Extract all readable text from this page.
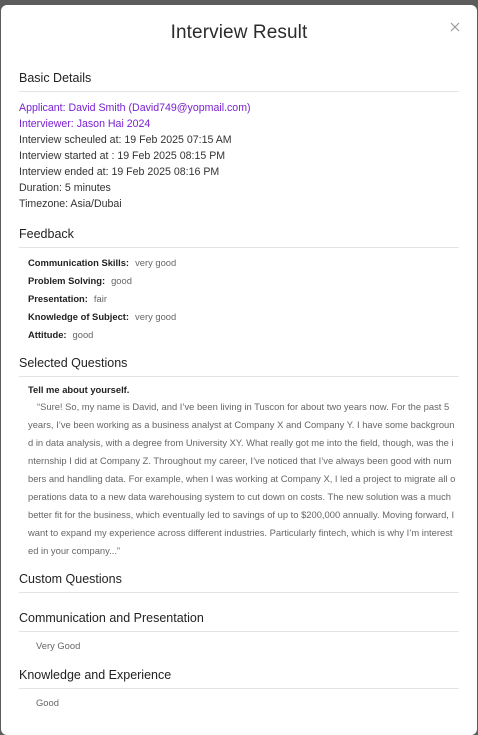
Interview Result
Basic Details
Applicant: David Smith (David749@yopmail.com)
Interviewer: Jason Hai 2024
Interview scheuled at: 19 Feb 2025 07:15 AM
Interview started at : 19 Feb 2025 08:15 PM
Interview ended at: 19 Feb 2025 08:16 PM
Duration: 5 minutes
Timezone: Asia/Dubai
Feedback
Communication Skills: very good
Problem Solving: good
Presentation: fair
Knowledge of Subject: very good
Attitude: good
Selected Questions
Tell me about yourself.
“Sure! So, my name is David, and I’ve been living in Tuscon for about two years now. For the past 5 years, I’ve been working as a business analyst at Company X and Company Y. I have some background in data analysis, with a degree from University XY. What really got me into the field, though, was the internship I did at Company Z. Throughout my career, I’ve noticed that I’ve always been good with numbers and handling data. For example, when I was working at Company X, I led a project to migrate all operations data to a new data warehousing system to cut down on costs. The new solution was a much better fit for the business, which eventually led to savings of up to $200,000 annually. Moving forward, I want to expand my experience across different industries. Particularly fintech, which is why I’m interested in your company...”
Custom Questions
Communication and Presentation
Very Good
Knowledge and Experience
Good
